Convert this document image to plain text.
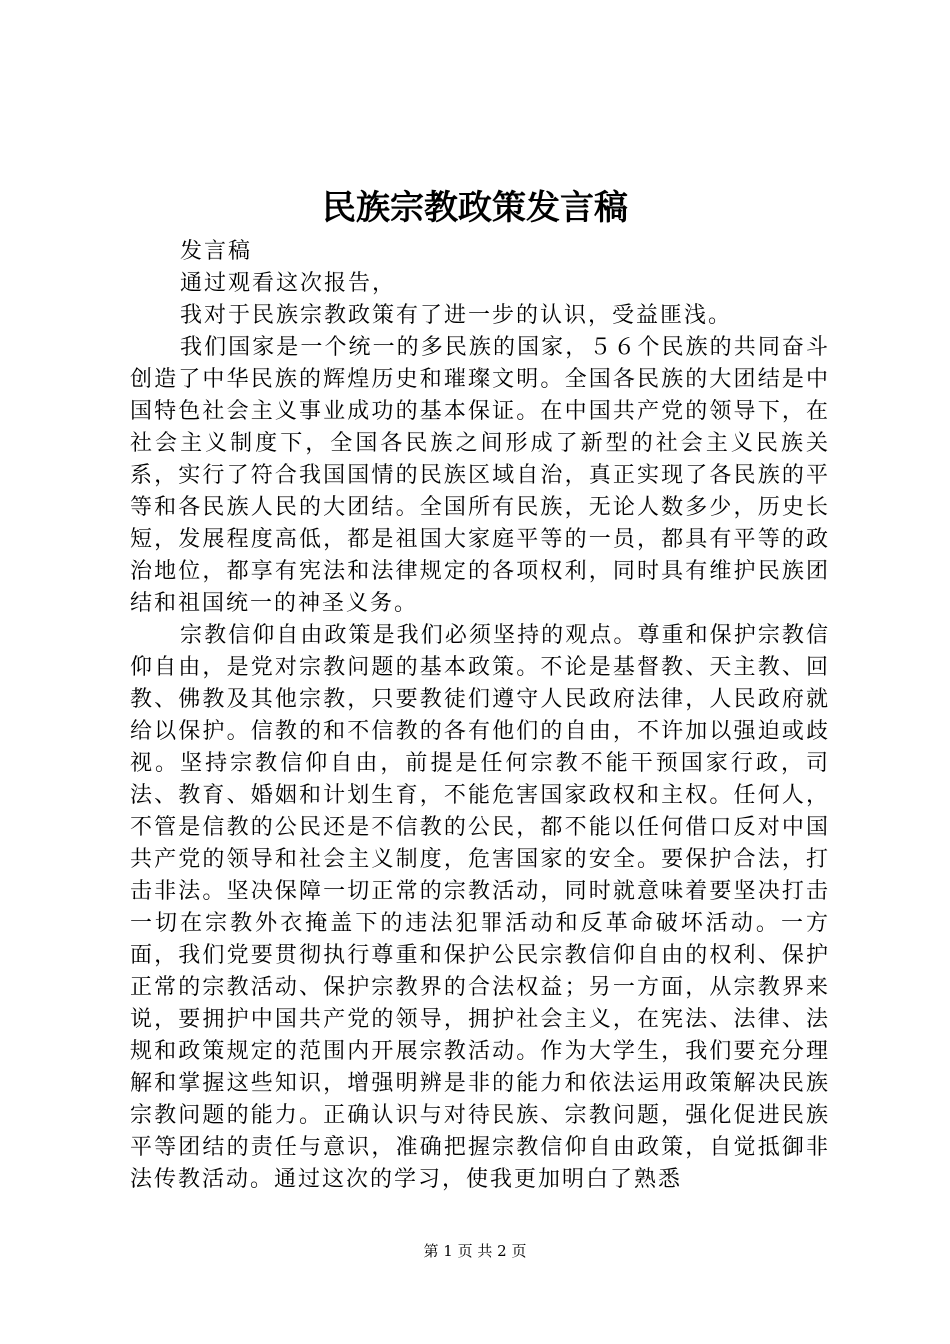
民族宗教政策发言稿

发言稿

通过观看这次报告，

我对于民族宗教政策有了进一步的认识，受益匪浅。

我们国家是一个统一的多民族的国家，５６个民族的共同奋斗创造了中华民族的辉煌历史和璀璨文明。全国各民族的大团结是中国特色社会主义事业成功的基本保证。在中国共产党的领导下，在社会主义制度下，全国各民族之间形成了新型的社会主义民族关系，实行了符合我国国情的民族区域自治，真正实现了各民族的平等和各民族人民的大团结。全国所有民族，无论人数多少，历史长短，发展程度高低，都是祖国大家庭平等的一员，都具有平等的政治地位，都享有宪法和法律规定的各项权利，同时具有维护民族团结和祖国统一的神圣义务。

宗教信仰自由政策是我们必须坚持的观点。尊重和保护宗教信仰自由，是党对宗教问题的基本政策。不论是基督教、天主教、回教、佛教及其他宗教，只要教徒们遵守人民政府法律，人民政府就给以保护。信教的和不信教的各有他们的自由，不许加以强迫或歧视。坚持宗教信仰自由，前提是任何宗教不能干预国家行政，司法、教育、婚姻和计划生育，不能危害国家政权和主权。任何人，不管是信教的公民还是不信教的公民，都不能以任何借口反对中国共产党的领导和社会主义制度，危害国家的安全。要保护合法，打击非法。坚决保障一切正常的宗教活动，同时就意味着要坚决打击一切在宗教外衣掩盖下的违法犯罪活动和反革命破坏活动。一方面，我们党要贯彻执行尊重和保护公民宗教信仰自由的权利、保护正常的宗教活动、保护宗教界的合法权益；另一方面，从宗教界来说，要拥护中国共产党的领导，拥护社会主义，在宪法、法律、法规和政策规定的范围内开展宗教活动。作为大学生，我们要充分理解和掌握这些知识，增强明辨是非的能力和依法运用政策解决民族宗教问题的能力。正确认识与对待民族、宗教问题，强化促进民族平等团结的责任与意识，准确把握宗教信仰自由政策，自觉抵御非法传教活动。通过这次的学习，使我更加明白了熟悉

第 1 页 共 2 页
